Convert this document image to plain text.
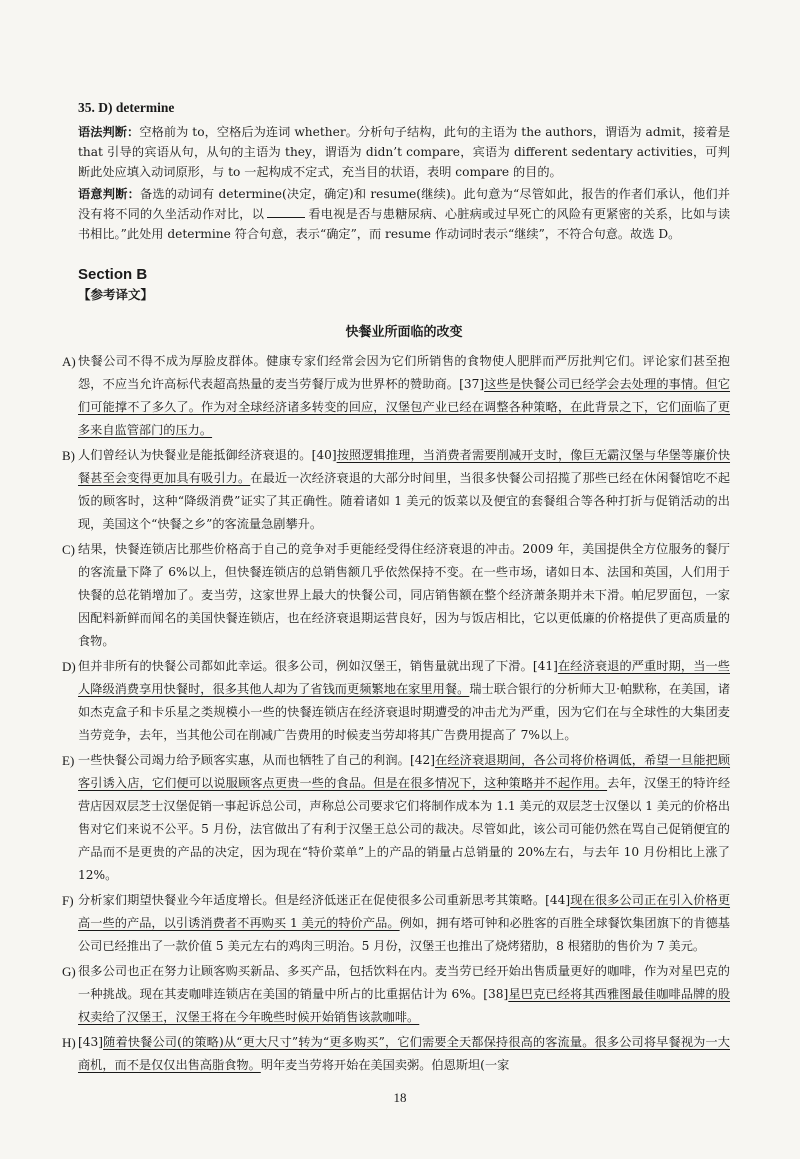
35. D) determine
语法判断：空格前为 to，空格后为连词 whether。分析句子结构，此句的主语为 the authors，谓语为 admit，接着是 that 引导的宾语从句，从句的主语为 they，谓语为 didn’t compare，宾语为 different sedentary activities，可判断此处应填入动词原形，与 to 一起构成不定式，充当目的状语，表明 compare 的目的。
语意判断：备选的动词有 determine(决定，确定)和 resume(继续)。此句意为“尽管如此，报告的作者们承认，他们并没有将不同的久坐活动作对比，以	看电视是否与患糖尿病、心脏病或过早死亡的风险有更紧密的关系，比如与读书相比。”此处用 determine 符合句意，表示“确定”，而 resume 作动词时表示“继续”，不符合句意。故选 D。
Section B
【参考译文】
快餐业所面临的改变
A) 快餐公司不得不成为厚脸皮群体。健康专家们经常会因为它们所销售的食物使人肥胖而严厉批判它们。评论家们甚至抱怨，不应当允许高标代表超高热量的麦当劳餐厅成为世界杯的赞助商。[37]这些是快餐公司已经学会去处理的事情。但它们可能撑不了多久了。作为对全球经济诸多转变的回应，汉堡包产业已经在调整各种策略，在此背景之下，它们面临了更多来自监管部门的压力。
B) 人们曾经认为快餐业是能抵御经济衰退的。[40]按照逻辑推理，当消费者需要削减开支时，像巨无霸汉堡与华堡等廉价快餐甚至会变得更加具有吸引力。在最近一次经济衰退的大部分时间里，当很多快餐公司招揽了那些已经在休闲餐馆吃不起饭的顾客时，这种“降级消费”证实了其正确性。随着诸如 1 美元的饭菜以及便宜的套餐组合等各种打折与促销活动的出现，美国这个“快餐之乡”的客流量急剧攀升。
C) 结果，快餐连锁店比那些价格高于自己的竞争对手更能经受得住经济衰退的冲击。2009 年，美国提供全方位服务的餐厅的客流量下降了 6%以上，但快餐连锁店的总销售额几乎依然保持不变。在一些市场，诸如日本、法国和英国，人们用于快餐的总花销增加了。麦当劳，这家世界上最大的快餐公司，同店销售额在整个经济萧条期并未下滑。帕尼罗面包，一家因配料新鲜而闻名的美国快餐连锁店，也在经济衰退期运营良好，因为与饭店相比，它以更低廉的价格提供了更高质量的食物。
D) 但并非所有的快餐公司都如此幸运。很多公司，例如汉堡王，销售量就出现了下滑。[41]在经济衰退的严重时期，当一些人降级消费享用快餐时，很多其他人却为了省钱而更频繁地在家里用餐。瑞士联合银行的分析师大卫·帕默称，在美国，诸如杰克盒子和卡乐星之类规模小一些的快餐连锁店在经济衰退时期遭受的冲击尤为严重，因为它们在与全球性的大集团麦当劳竞争，去年，当其他公司在削减广告费用的时候麦当劳却将其广告费用提高了 7%以上。
E) 一些快餐公司竭力给予顾客实惠，从而也牺牲了自己的利润。[42]在经济衰退期间，各公司将价格调低，希望一旦能把顾客引诱入店，它们便可以说服顾客点更贵一些的食品。但是在很多情况下，这种策略并不起作用。去年，汉堡王的特许经营店因双层芝士汉堡促销一事起诉总公司，声称总公司要求它们将制作成本为 1.1 美元的双层芝士汉堡以 1 美元的价格出售对它们来说不公平。5 月份，法官做出了有利于汉堡王总公司的裁决。尽管如此，该公司可能仍然在骂自己促销便宜的产品而不是更贵的产品的决定，因为现在“特价菜单”上的产品的销量占总销量的 20%左右，与去年 10 月份相比上涨了 12%。
F) 分析家们期望快餐业今年适度增长。但是经济低迷正在促使很多公司重新思考其策略。[44]现在很多公司正在引入价格更高一些的产品，以引诱消费者不再购买 1 美元的特价产品。例如，拥有塔可钟和必胜客的百胜全球餐饮集团旗下的肯德基公司已经推出了一款价值 5 美元左右的鸡肉三明治。5 月份，汉堡王也推出了烧烤猪肋，8 根猪肋的售价为 7 美元。
G) 很多公司也正在努力让顾客购买新品、多买产品，包括饮料在内。麦当劳已经开始出售质量更好的咖啡，作为对星巴克的一种挑战。现在其麦咖啡连锁店在美国的销量中所占的比重据估计为 6%。[38]星巴克已经将其西雅图最佳咖啡品牌的股权卖给了汉堡王，汉堡王将在今年晚些时候开始销售该款咖啡。
H) [43]随着快餐公司(的策略)从“更大尺寸”转为“更多购买”，它们需要全天都保持很高的客流量。很多公司将早餐视为一大商机，而不是仅仅出售高脂食物。明年麦当劳将开始在美国卖粥。伯恩斯坦(一家
18
